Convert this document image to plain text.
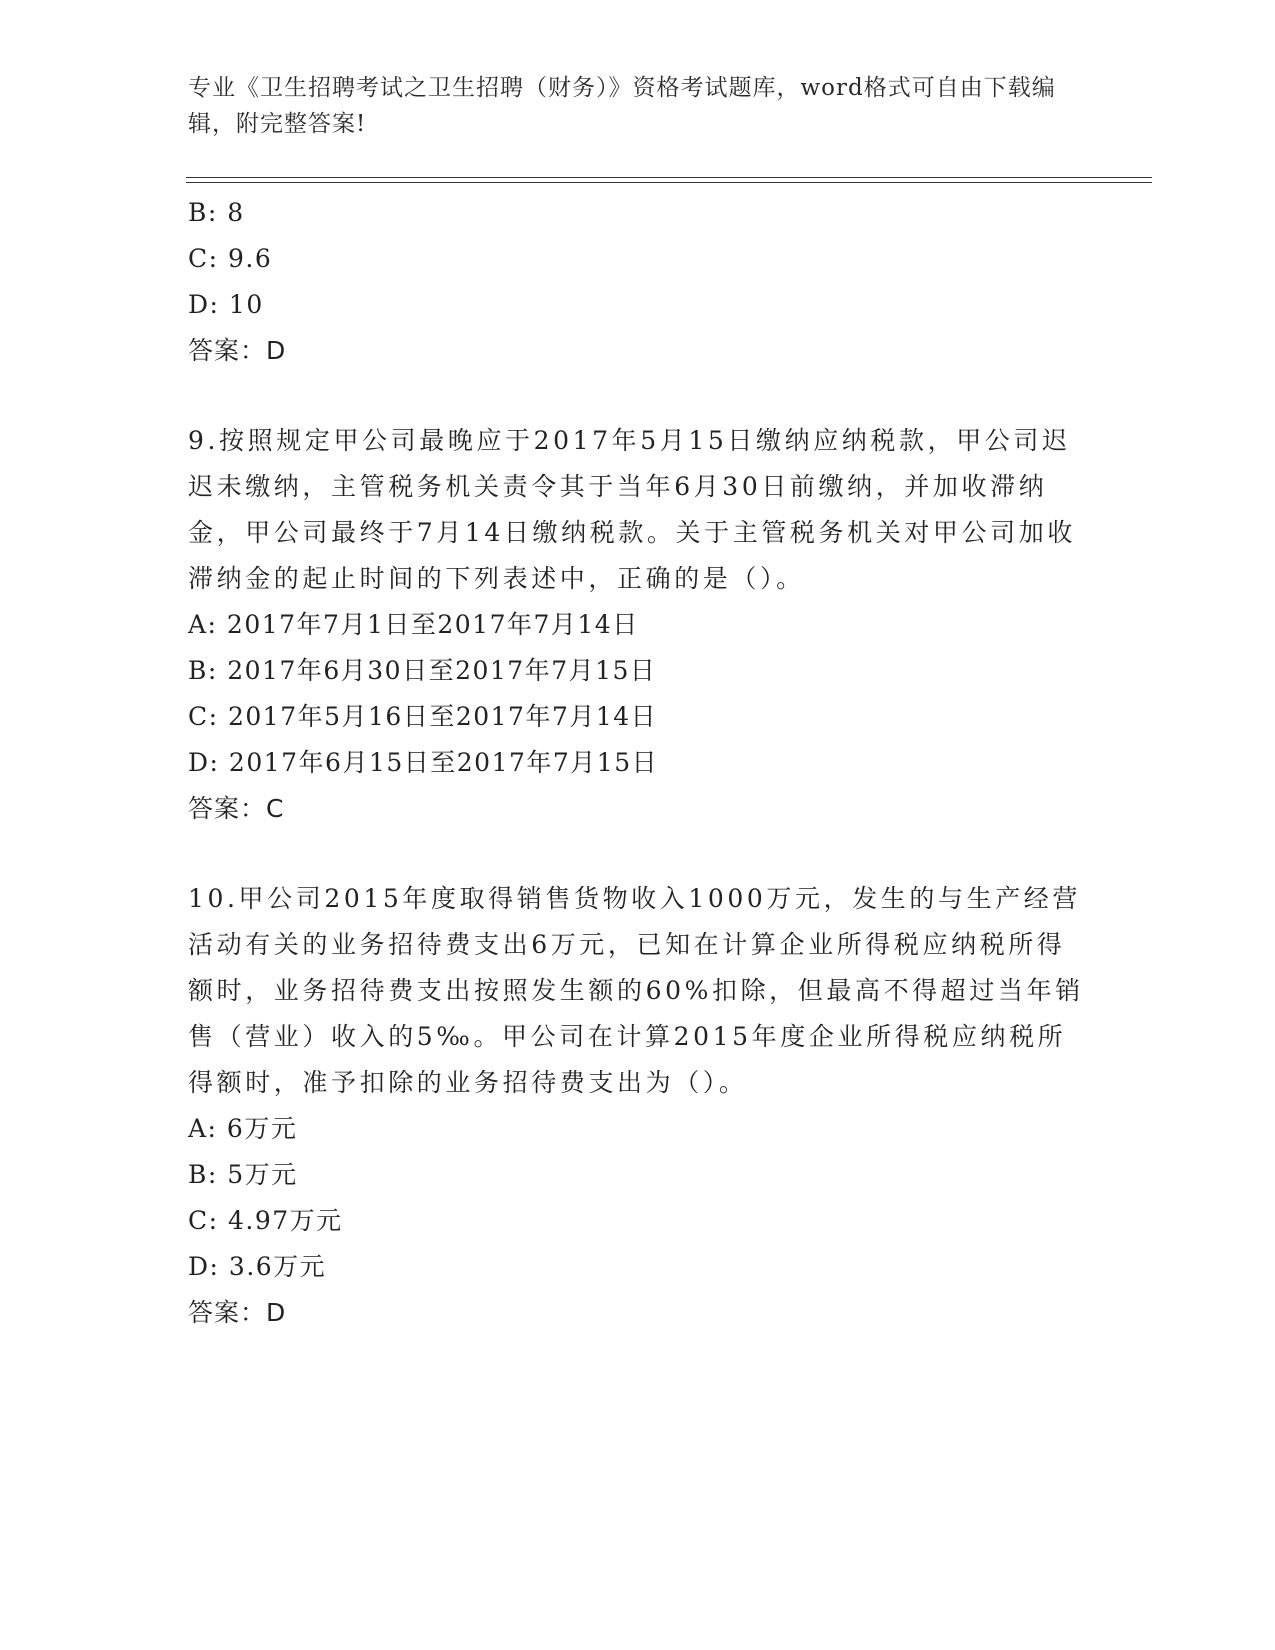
专业《卫生招聘考试之卫生招聘（财务）》资格考试题库，word格式可自由下载编辑，附完整答案!
B: 8
C: 9.6
D: 10
答案：D
9.按照规定甲公司最晚应于2017年5月15日缴纳应纳税款，甲公司迟迟未缴纳，主管税务机关责令其于当年6月30日前缴纳，并加收滞纳金，甲公司最终于7月14日缴纳税款。关于主管税务机关对甲公司加收滞纳金的起止时间的下列表述中，正确的是（）。
A: 2017年7月1日至2017年7月14日
B: 2017年6月30日至2017年7月15日
C: 2017年5月16日至2017年7月14日
D: 2017年6月15日至2017年7月15日
答案：C
10.甲公司2015年度取得销售货物收入1000万元，发生的与生产经营活动有关的业务招待费支出6万元，已知在计算企业所得税应纳税所得额时，业务招待费支出按照发生额的60%扣除，但最高不得超过当年销售（营业）收入的5‰。甲公司在计算2015年度企业所得税应纳税所得额时，准予扣除的业务招待费支出为（）。
A: 6万元
B: 5万元
C: 4.97万元
D: 3.6万元
答案：D
